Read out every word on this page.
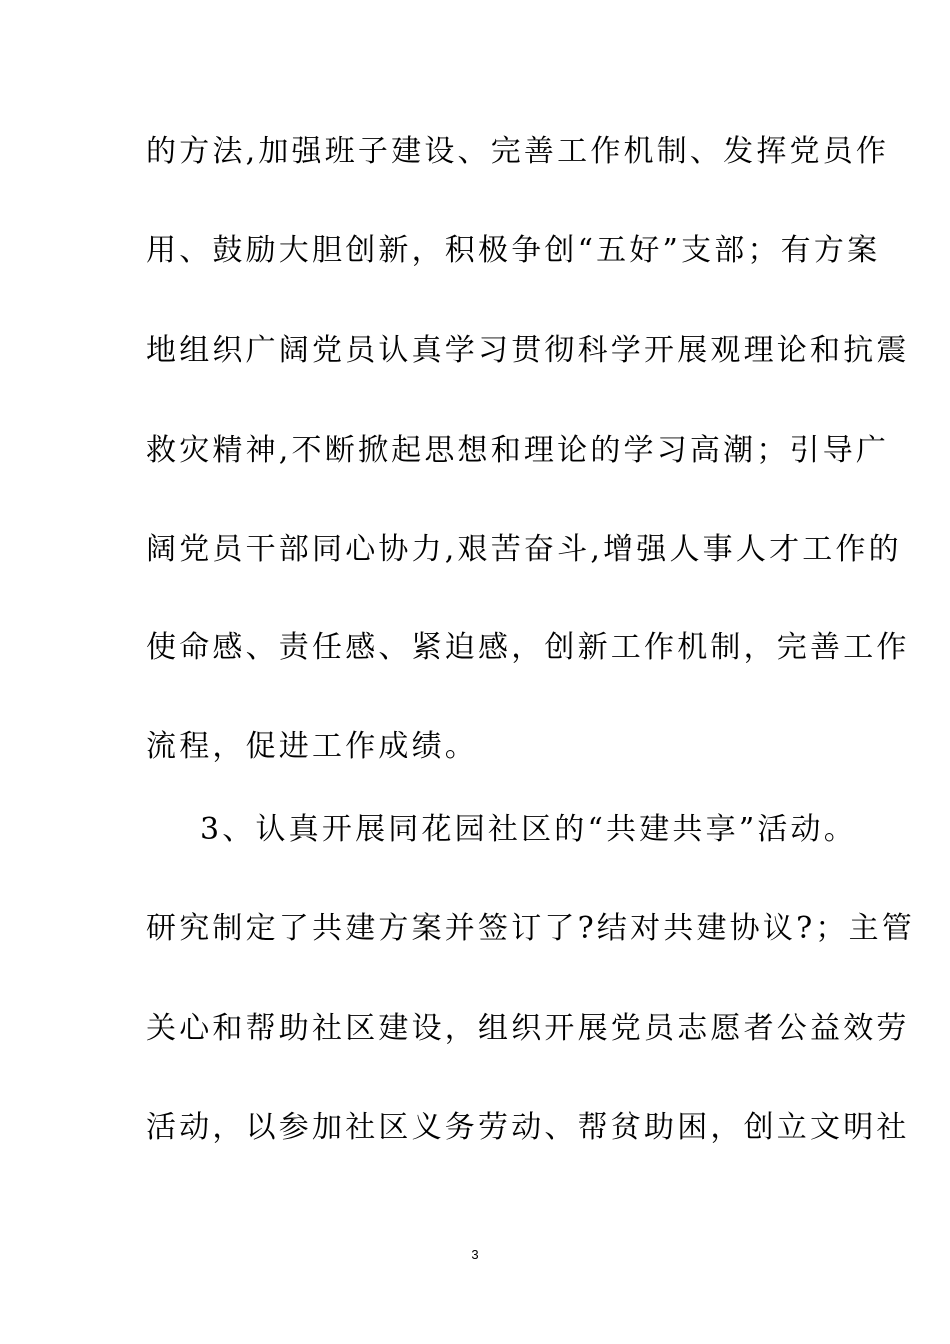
的方法,加强班子建设、完善工作机制、发挥党员作
用、鼓励大胆创新，积极争创“五好”支部；有方案
地组织广阔党员认真学习贯彻科学开展观理论和抗震
救灾精神,不断掀起思想和理论的学习高潮；引导广
阔党员干部同心协力,艰苦奋斗,增强人事人才工作的
使命感、责任感、紧迫感，创新工作机制，完善工作
流程，促进工作成绩。
3、认真开展同花园社区的“共建共享”活动。
研究制定了共建方案并签订了?结对共建协议?；主管
关心和帮助社区建设，组织开展党员志愿者公益效劳
活动，以参加社区义务劳动、帮贫助困，创立文明社
3
